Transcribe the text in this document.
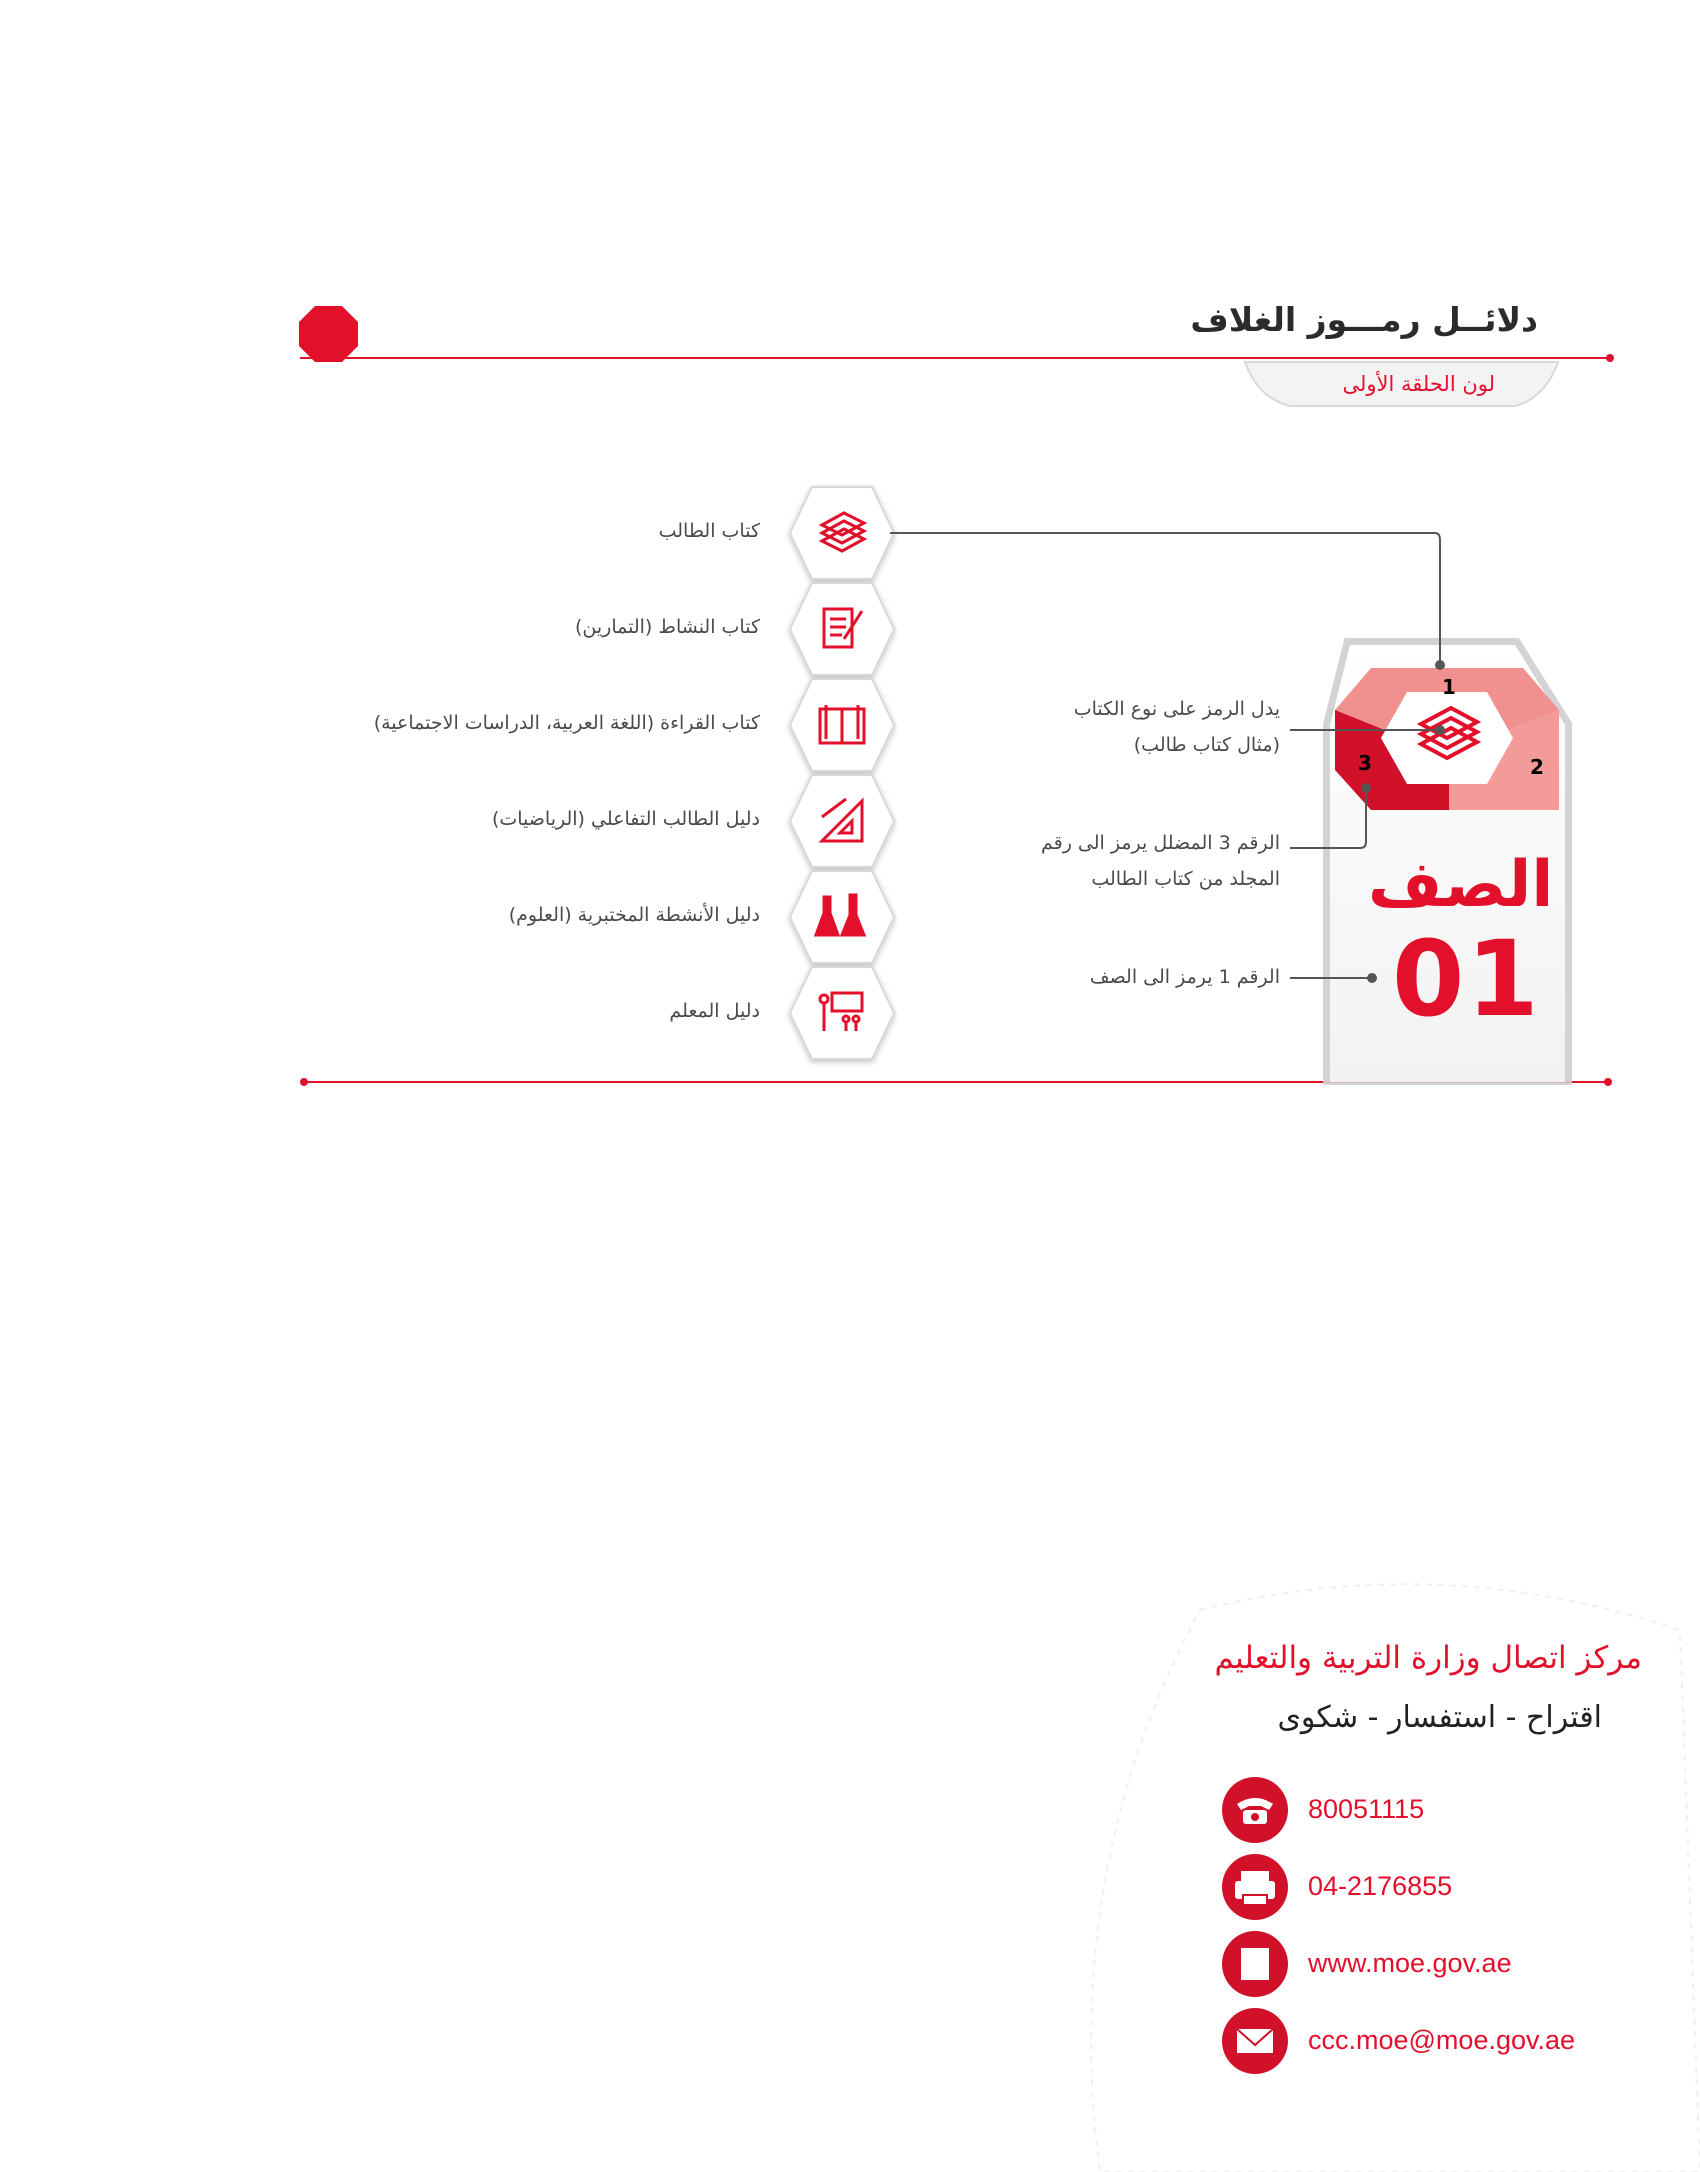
دلائــل رمـــوز الغلاف
لون الحلقة الأولى
كتاب الطالب
كتاب النشاط (التمارين)
كتاب القراءة (اللغة العربية، الدراسات الاجتماعية)
دليل الطالب التفاعلي (الرياضيات)
دليل الأنشطة المختبرية (العلوم)
دليل المعلم
1
2
3
الصف
01
يدل الرمز على نوع الكتاب
(مثال كتاب طالب)
الرقم 3 المضلل يرمز الى رقم
المجلد من كتاب الطالب
الرقم 1 يرمز الى الصف
مركز اتصال وزارة التربية والتعليم
اقتراح - استفسار - شكوى
80051115
04-2176855
www.moe.gov.ae
ccc.moe@moe.gov.ae
